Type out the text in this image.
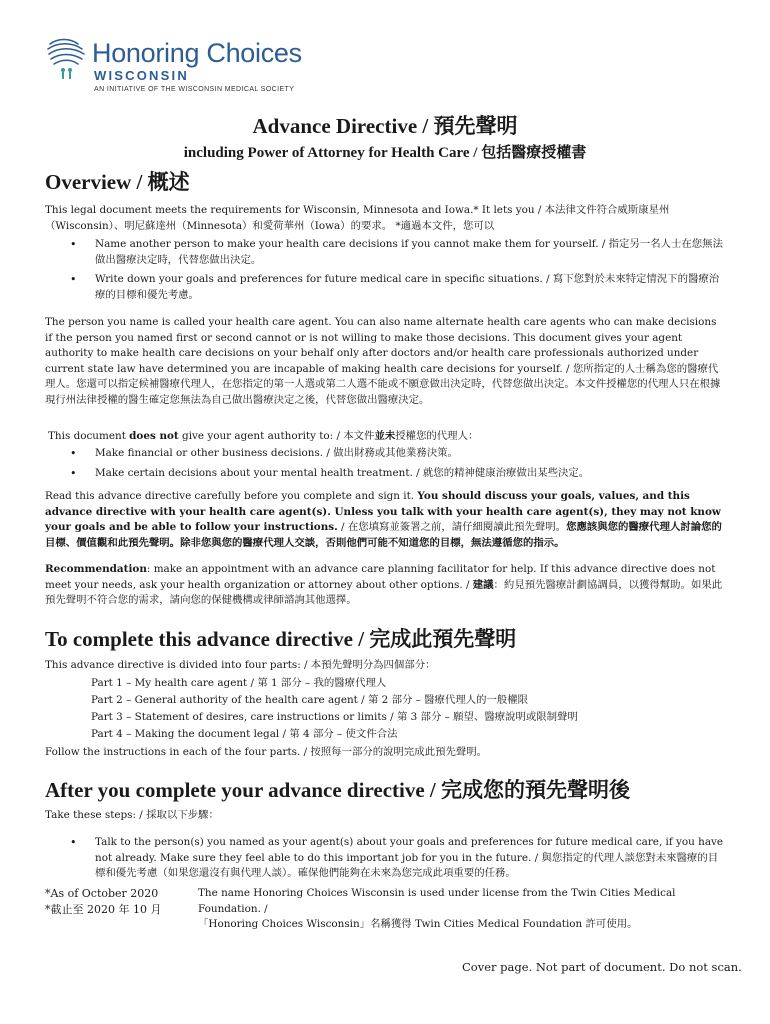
Honoring Choices
WISCONSIN
AN INITIATIVE OF THE WISCONSIN MEDICAL SOCIETY
Advance Directive / 預先聲明
including Power of Attorney for Health Care / 包括醫療授權書
Overview / 概述
This legal document meets the requirements for Wisconsin, Minnesota and Iowa.* It lets you / 本法律文件符合威斯康星州（Wisconsin）、明尼蘇達州（Minnesota）和愛荷華州（Iowa）的要求。 *適過本文件，您可以
• Name another person to make your health care decisions if you cannot make them for yourself. / 指定另一名人士在您無法做出醫療決定時，代替您做出決定。
• Write down your goals and preferences for future medical care in specific situations. / 寫下您對於未來特定情況下的醫療治療的目標和優先考慮。
The person you name is called your health care agent. You can also name alternate health care agents who can make decisions if the person you named first or second cannot or is not willing to make those decisions. This document gives your agent authority to make health care decisions on your behalf only after doctors and/or health care professionals authorized under current state law have determined you are incapable of making health care decisions for yourself. / 您所指定的人士稱為您的醫療代理人。您還可以指定候補醫療代理人，在您指定的第一人選或第二人選不能或不願意做出決定時，代替您做出決定。本文件授權您的代理人只在根據現行州法律授權的醫生確定您無法為自己做出醫療決定之後，代替您做出醫療決定。
This document does not give your agent authority to: / 本文件並未授權您的代理人：
• Make financial or other business decisions. / 做出財務或其他業務決策。
• Make certain decisions about your mental health treatment. / 就您的精神健康治療做出某些決定。
Read this advance directive carefully before you complete and sign it. You should discuss your goals, values, and this advance directive with your health care agent(s). Unless you talk with your health care agent(s), they may not know your goals and be able to follow your instructions. / 在您填寫並簽署之前，請仔細閱讀此預先聲明。您應該與您的醫療代理人討論您的目標、價值觀和此預先聲明。除非您與您的醫療代理人交談，否則他們可能不知道您的目標，無法遵循您的指示。
Recommendation: make an appointment with an advance care planning facilitator for help. If this advance directive does not meet your needs, ask your health organization or attorney about other options. / 建議：約見預先醫療計劃協調員，以獲得幫助。如果此預先聲明不符合您的需求，請向您的保健機構或律師諮詢其他選擇。
To complete this advance directive / 完成此預先聲明
This advance directive is divided into four parts: / 本預先聲明分為四個部分：
Part 1 – My health care agent / 第 1 部分 – 我的醫療代理人
Part 2 – General authority of the health care agent / 第 2 部分 – 醫療代理人的一般權限
Part 3 – Statement of desires, care instructions or limits / 第 3 部分 – 願望、醫療說明或限制聲明
Part 4 – Making the document legal / 第 4 部分 – 使文件合法
Follow the instructions in each of the four parts. / 按照每一部分的說明完成此預先聲明。
After you complete your advance directive / 完成您的預先聲明後
Take these steps: / 採取以下步驟：
• Talk to the person(s) you named as your agent(s) about your goals and preferences for future medical care, if you have not already. Make sure they feel able to do this important job for you in the future. / 與您指定的代理人談您對未來醫療的目標和優先考慮（如果您還沒有與代理人談）。確保他們能夠在未來為您完成此項重要的任務。
*As of October 2020
*截止至 2020 年 10 月
The name Honoring Choices Wisconsin is used under license from the Twin Cities Medical Foundation. /
「Honoring Choices Wisconsin」名稱獲得 Twin Cities Medical Foundation 許可使用。
Cover page. Not part of document. Do not scan.
